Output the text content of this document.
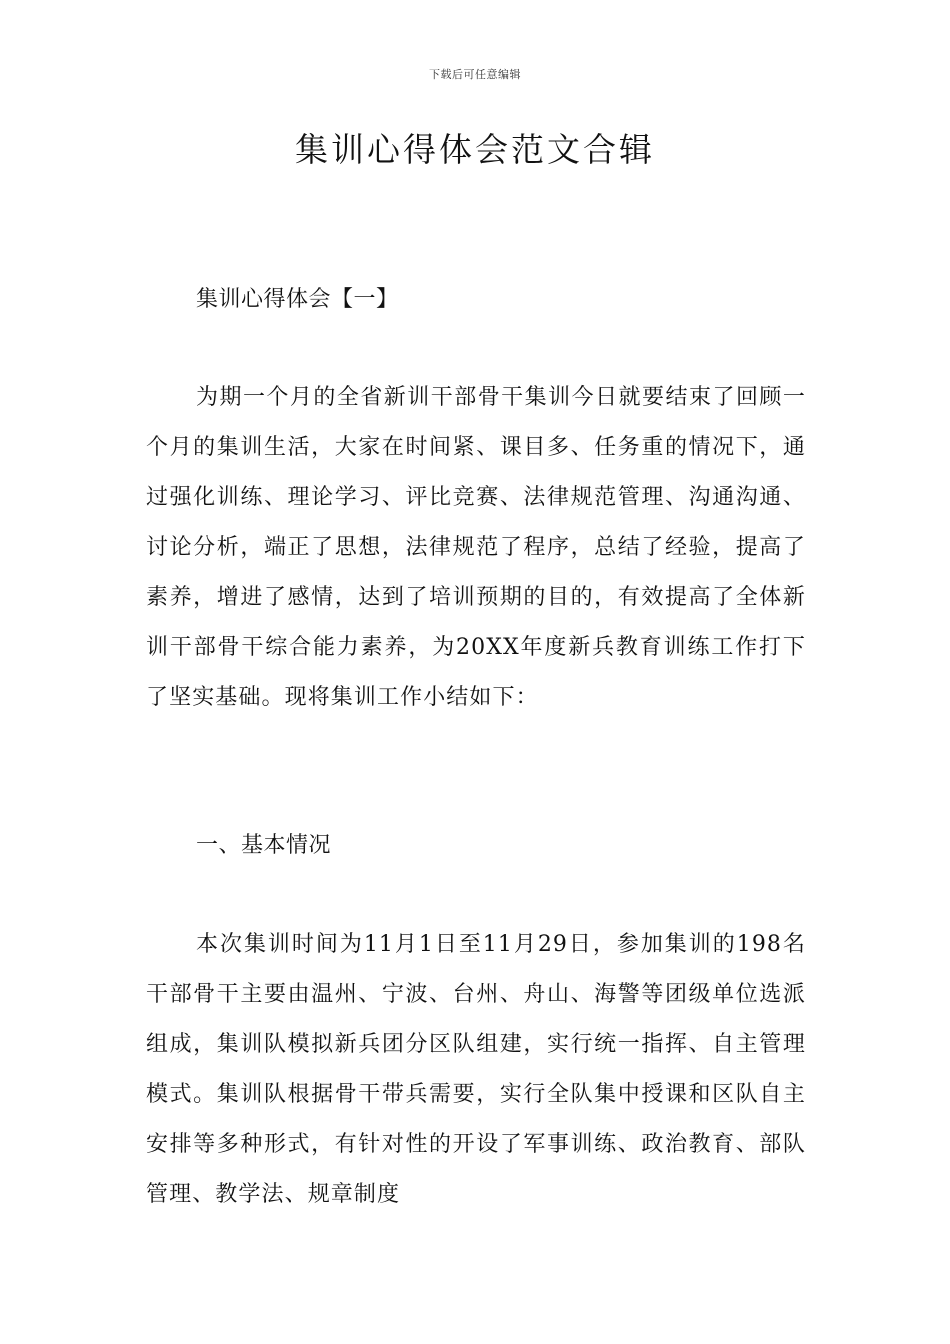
下载后可任意编辑
集训心得体会范文合辑
集训心得体会【一】

为期一个月的全省新训干部骨干集训今日就要结束了回顾一个月的集训生活，大家在时间紧、课目多、任务重的情况下，通过强化训练、理论学习、评比竞赛、法律规范管理、沟通沟通、讨论分析，端正了思想，法律规范了程序，总结了经验，提高了素养，增进了感情，达到了培训预期的目的，有效提高了全体新训干部骨干综合能力素养，为20XX年度新兵教育训练工作打下了坚实基础。现将集训工作小结如下：

一、基本情况

本次集训时间为11月1日至11月29日，参加集训的198名干部骨干主要由温州、宁波、台州、舟山、海警等团级单位选派组成，集训队模拟新兵团分区队组建，实行统一指挥、自主管理模式。集训队根据骨干带兵需要，实行全队集中授课和区队自主安排等多种形式，有针对性的开设了军事训练、政治教育、部队管理、教学法、规章制度
